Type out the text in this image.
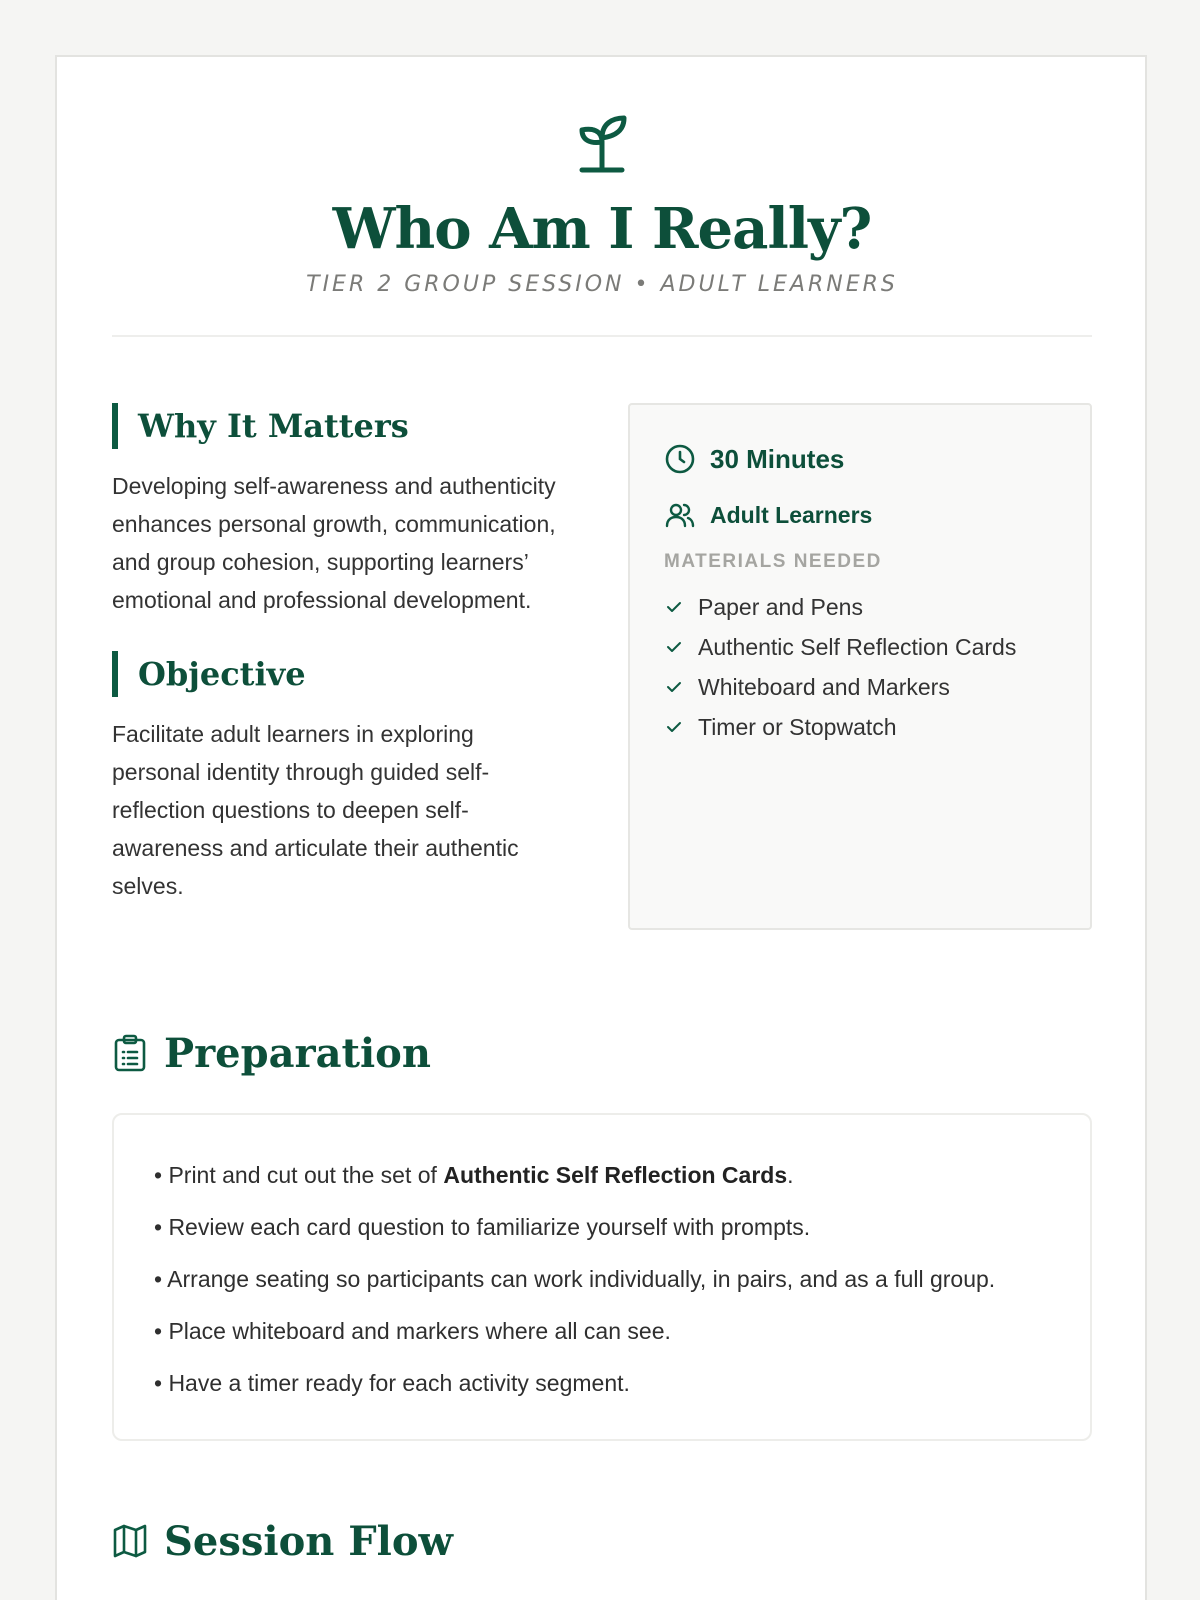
Who Am I Really?
TIER 2 GROUP SESSION • ADULT LEARNERS
Why It Matters
Developing self-awareness and authenticity enhances personal growth, communication, and group cohesion, supporting learners’ emotional and professional development.
Objective
Facilitate adult learners in exploring personal identity through guided self-reflection questions to deepen self-awareness and articulate their authentic selves.
30 Minutes
Adult Learners
MATERIALS NEEDED
Paper and Pens
Authentic Self Reflection Cards
Whiteboard and Markers
Timer or Stopwatch
Preparation
• Print and cut out the set of Authentic Self Reflection Cards.
• Review each card question to familiarize yourself with prompts.
• Arrange seating so participants can work individually, in pairs, and as a full group.
• Place whiteboard and markers where all can see.
• Have a timer ready for each activity segment.
Session Flow
